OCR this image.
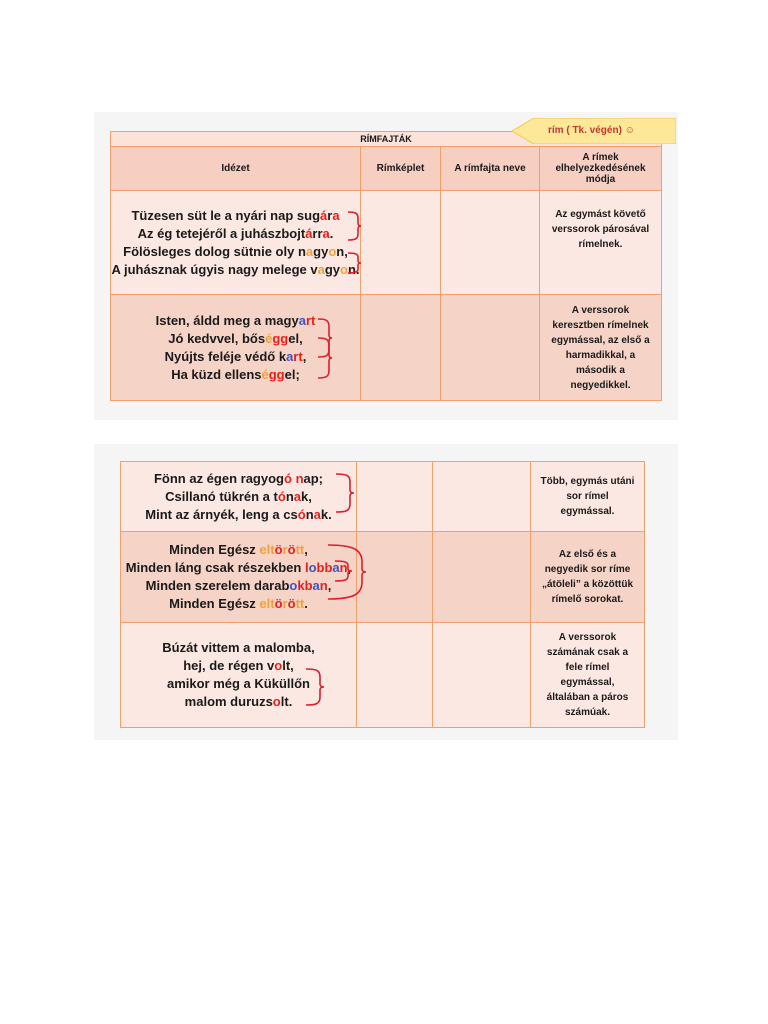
RÍMFAJTÁK			
Idézet	Rímképlet	A rímfajta neve	A rímek elhelyezkedésének módja

Tüzesen süt le a nyári nap sugára
Az ég tetejéről a juhászbojtárra.
Fölösleges dolog sütnie oly nagyon,
A juhásznak úgyis nagy melege vagyon.			Az egymást követő verssorok párosával rímelnek.

Isten, áldd meg a magyart
Jó kedvvel, bőséggel,
Nyújts feléje védő kart,
Ha küzd ellenséggel;			A verssorok keresztben rímelnek egymással, az első a harmadikkal, a második a negyedikkel.
rím ( Tk. végén) ☺
Fönn az égen ragyogó nap;
Csillanó tükrén a tónak,
Mint az árnyék, leng a csónak.			Több, egymás utáni sor rímel egymással.

Minden Egész eltörött,
Minden láng csak részekben lobban,
Minden szerelem darabokban,
Minden Egész eltörött.			Az első és a negyedik sor ríme „átöleli” a közöttük rímelő sorokat.

Búzát vittem a malomba,
hej, de régen volt,
amikor még a Küküllőn
malom duruzsolt.			A verssorok számának csak a fele rímel egymással, általában a páros számúak.
